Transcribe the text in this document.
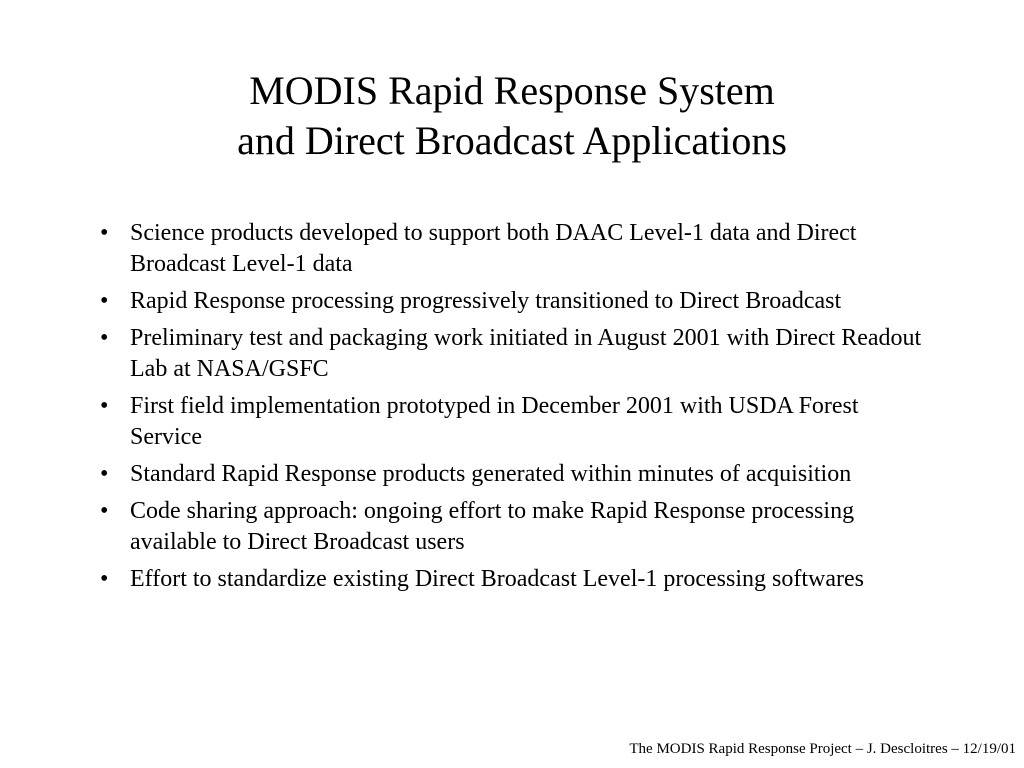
MODIS Rapid Response System
and Direct Broadcast Applications
• Science products developed to support both DAAC Level-1 data and Direct Broadcast Level-1 data
• Rapid Response processing progressively transitioned to Direct Broadcast
• Preliminary test and packaging work initiated in August 2001 with Direct Readout Lab at NASA/GSFC
• First field implementation prototyped in December 2001 with USDA Forest Service
• Standard Rapid Response products generated within minutes of acquisition
• Code sharing approach: ongoing effort to make Rapid Response processing available to Direct Broadcast users
• Effort to standardize existing Direct Broadcast Level-1 processing softwares
The MODIS Rapid Response Project – J. Descloitres – 12/19/01
